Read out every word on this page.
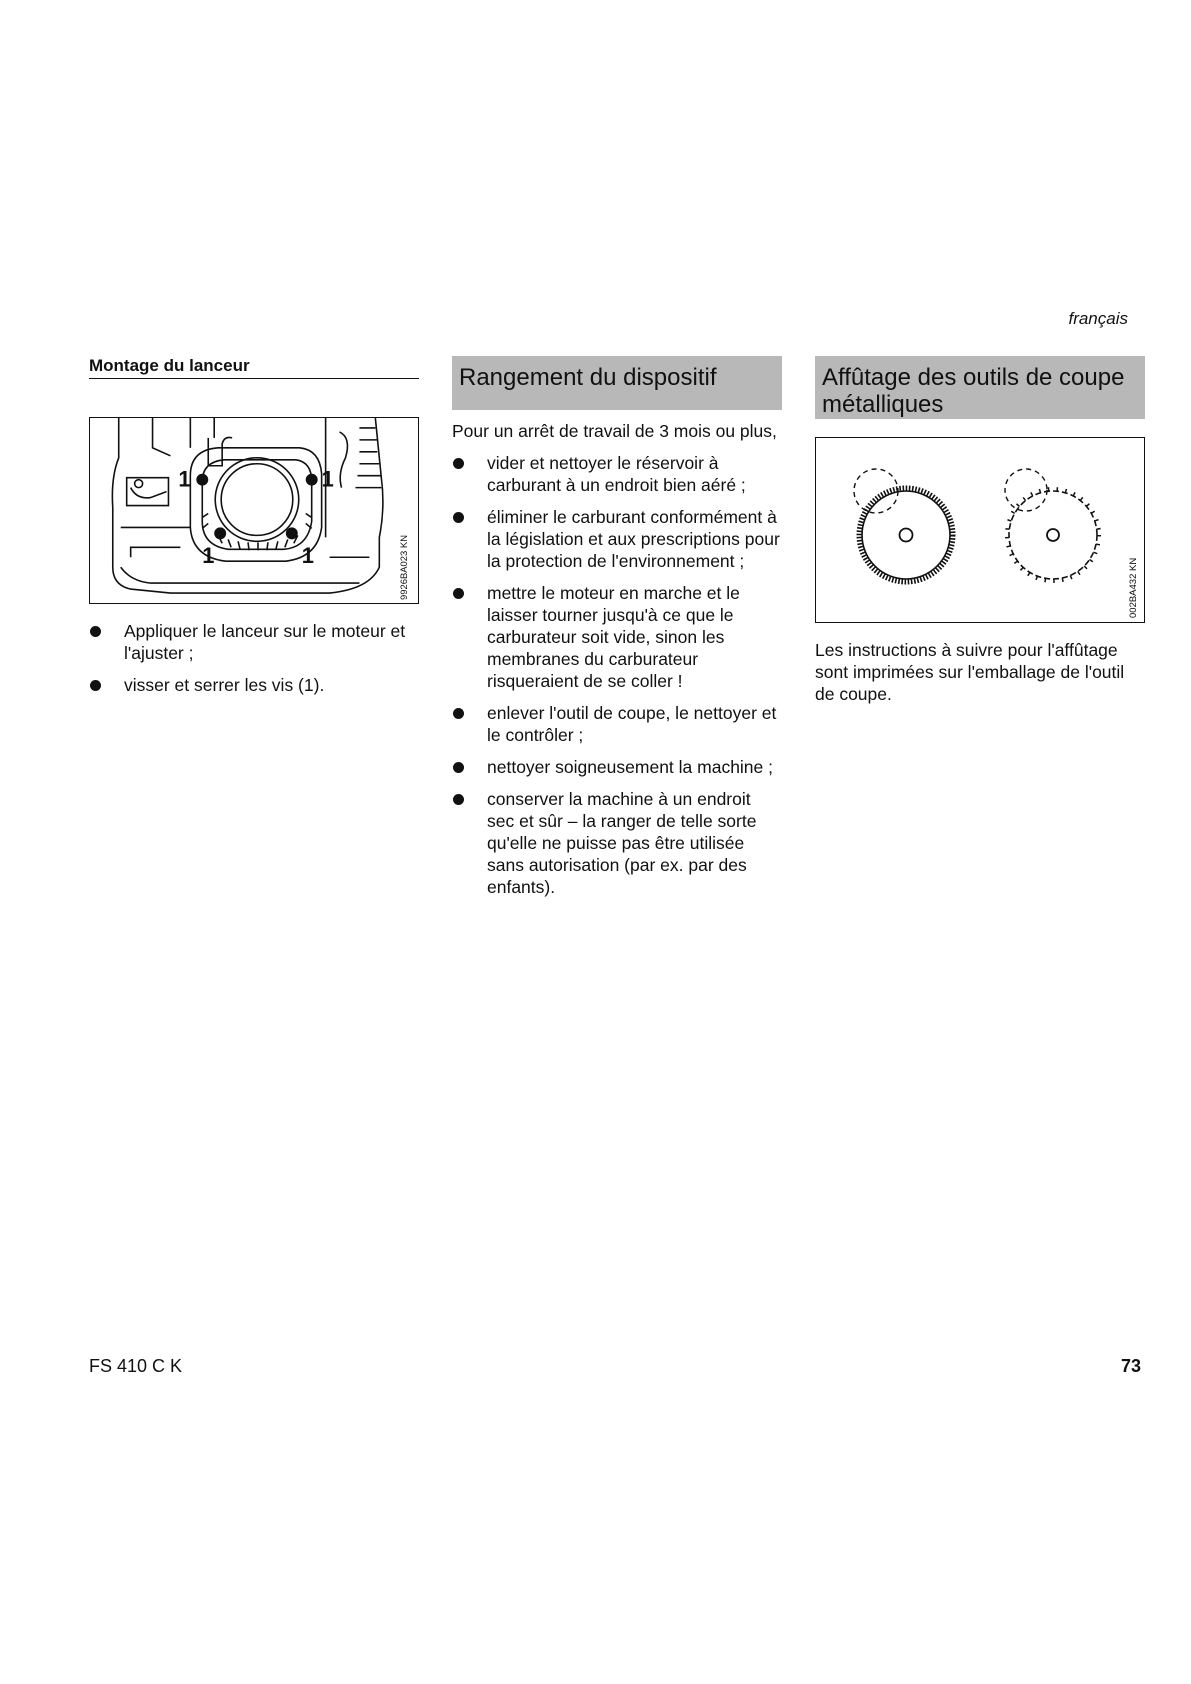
français
Montage du lanceur
1	1
1	1	9926BA023 KN
Appliquer le lanceur sur le moteur et l'ajuster ;
visser et serrer les vis (1).
Rangement du dispositif

Pour un arrêt de travail de 3 mois ou plus,

vider et nettoyer le réservoir à carburant à un endroit bien aéré ;
éliminer le carburant conformément à la législation et aux prescriptions pour la protection de l'environnement ;
mettre le moteur en marche et le laisser tourner jusqu'à ce que le carburateur soit vide, sinon les membranes du carburateur risqueraient de se coller !
enlever l'outil de coupe, le nettoyer et le contrôler ;
nettoyer soigneusement la machine ;
conserver la machine à un endroit sec et sûr – la ranger de telle sorte qu'elle ne puisse pas être utilisée sans autorisation (par ex. par des enfants).
Affûtage des outils de coupe métalliques
002BA432 KN

Les instructions à suivre pour l'affûtage sont imprimées sur l'emballage de l'outil de coupe.

FS 410 C K	73
